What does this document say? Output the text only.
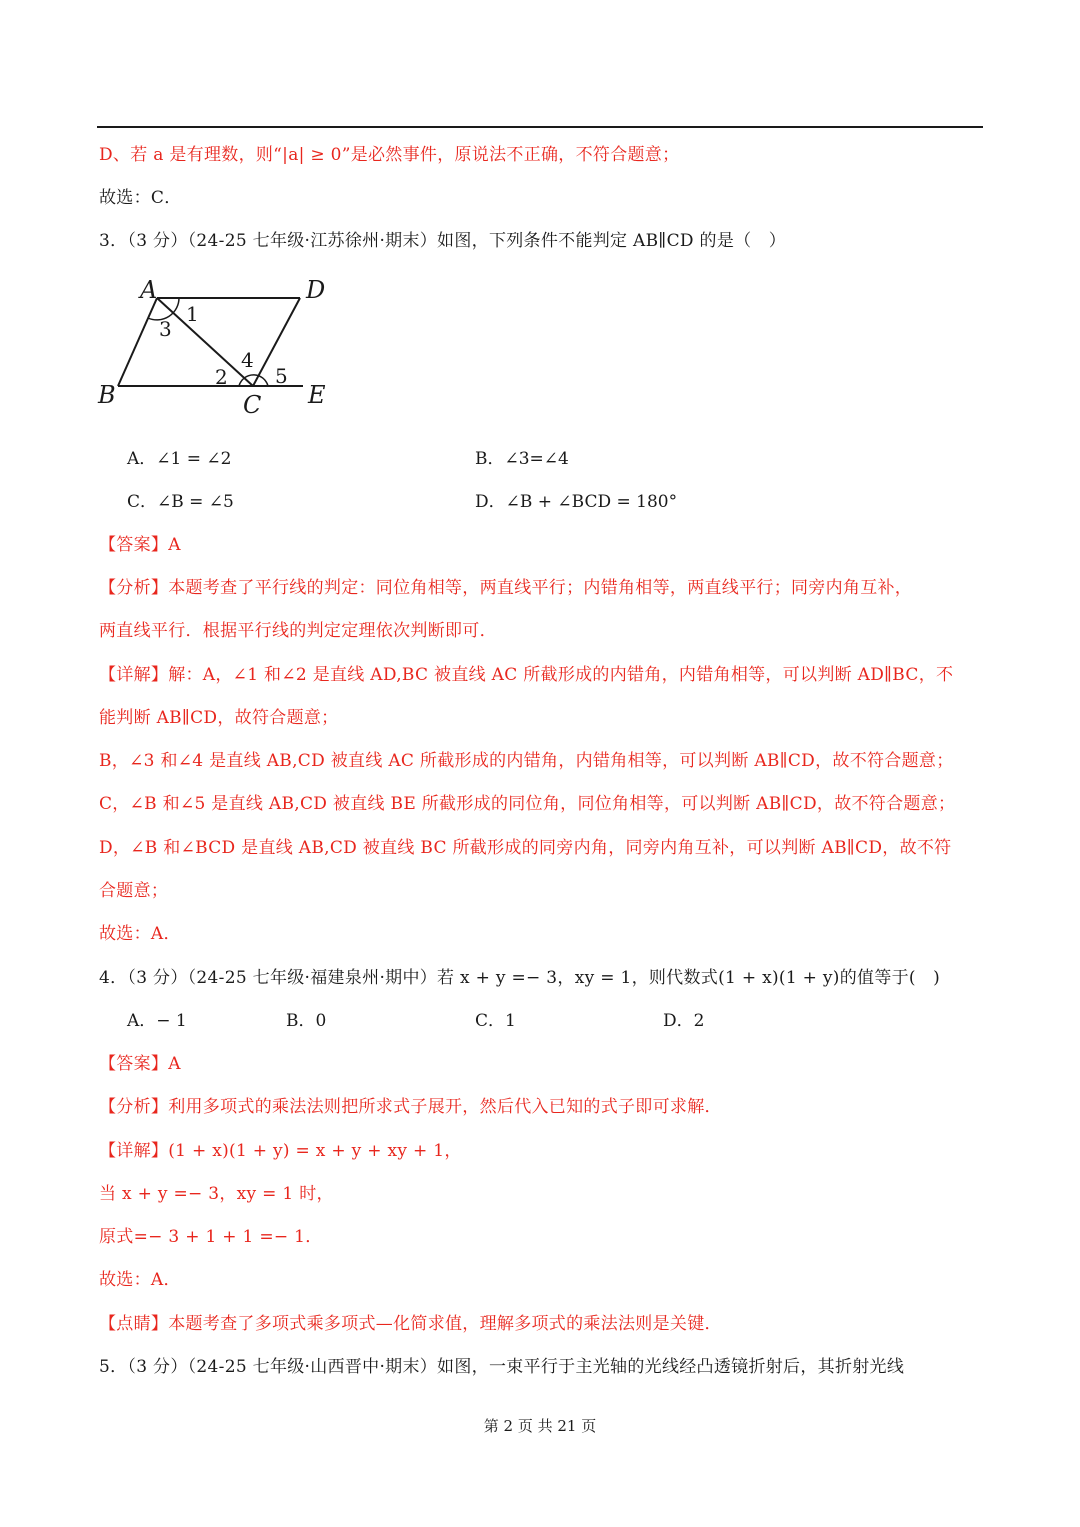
D、若 a 是有理数，则“|a| ≥ 0”是必然事件，原说法不正确，不符合题意；
故选：C．
3．（3 分）（24-25 七年级·江苏徐州·期末）如图，下列条件不能判定 AB∥CD 的是（　）
A	D
B	C E
1
3
4
2 5
A．∠1 = ∠2	B．∠3=∠4
C．∠B = ∠5	D．∠B + ∠BCD = 180°
【答案】A
【分析】本题考查了平行线的判定：同位角相等，两直线平行；内错角相等，两直线平行；同旁内角互补，
两直线平行．根据平行线的判定定理依次判断即可．
【详解】解：A，∠1 和∠2 是直线 AD,BC 被直线 AC 所截形成的内错角，内错角相等，可以判断 AD∥BC，不
能判断 AB∥CD，故符合题意；
B，∠3 和∠4 是直线 AB,CD 被直线 AC 所截形成的内错角，内错角相等，可以判断 AB∥CD，故不符合题意；
C，∠B 和∠5 是直线 AB,CD 被直线 BE 所截形成的同位角，同位角相等，可以判断 AB∥CD，故不符合题意；
D，∠B 和∠BCD 是直线 AB,CD 被直线 BC 所截形成的同旁内角，同旁内角互补，可以判断 AB∥CD，故不符
合题意；
故选：A．
4．（3 分）（24-25 七年级·福建泉州·期中）若 x + y =− 3，xy = 1，则代数式(1 + x)(1 + y)的值等于(　)
A．− 1	B．0	C．1	D．2
【答案】A
【分析】利用多项式的乘法法则把所求式子展开，然后代入已知的式子即可求解．
【详解】(1 + x)(1 + y) = x + y + xy + 1，
当 x + y =− 3，xy = 1 时，
原式=− 3 + 1 + 1 =− 1．
故选：A．
【点睛】本题考查了多项式乘多项式—化简求值，理解多项式的乘法法则是关键．
5．（3 分）（24-25 七年级·山西晋中·期末）如图，一束平行于主光轴的光线经凸透镜折射后，其折射光线
第 2 页 共 21 页
